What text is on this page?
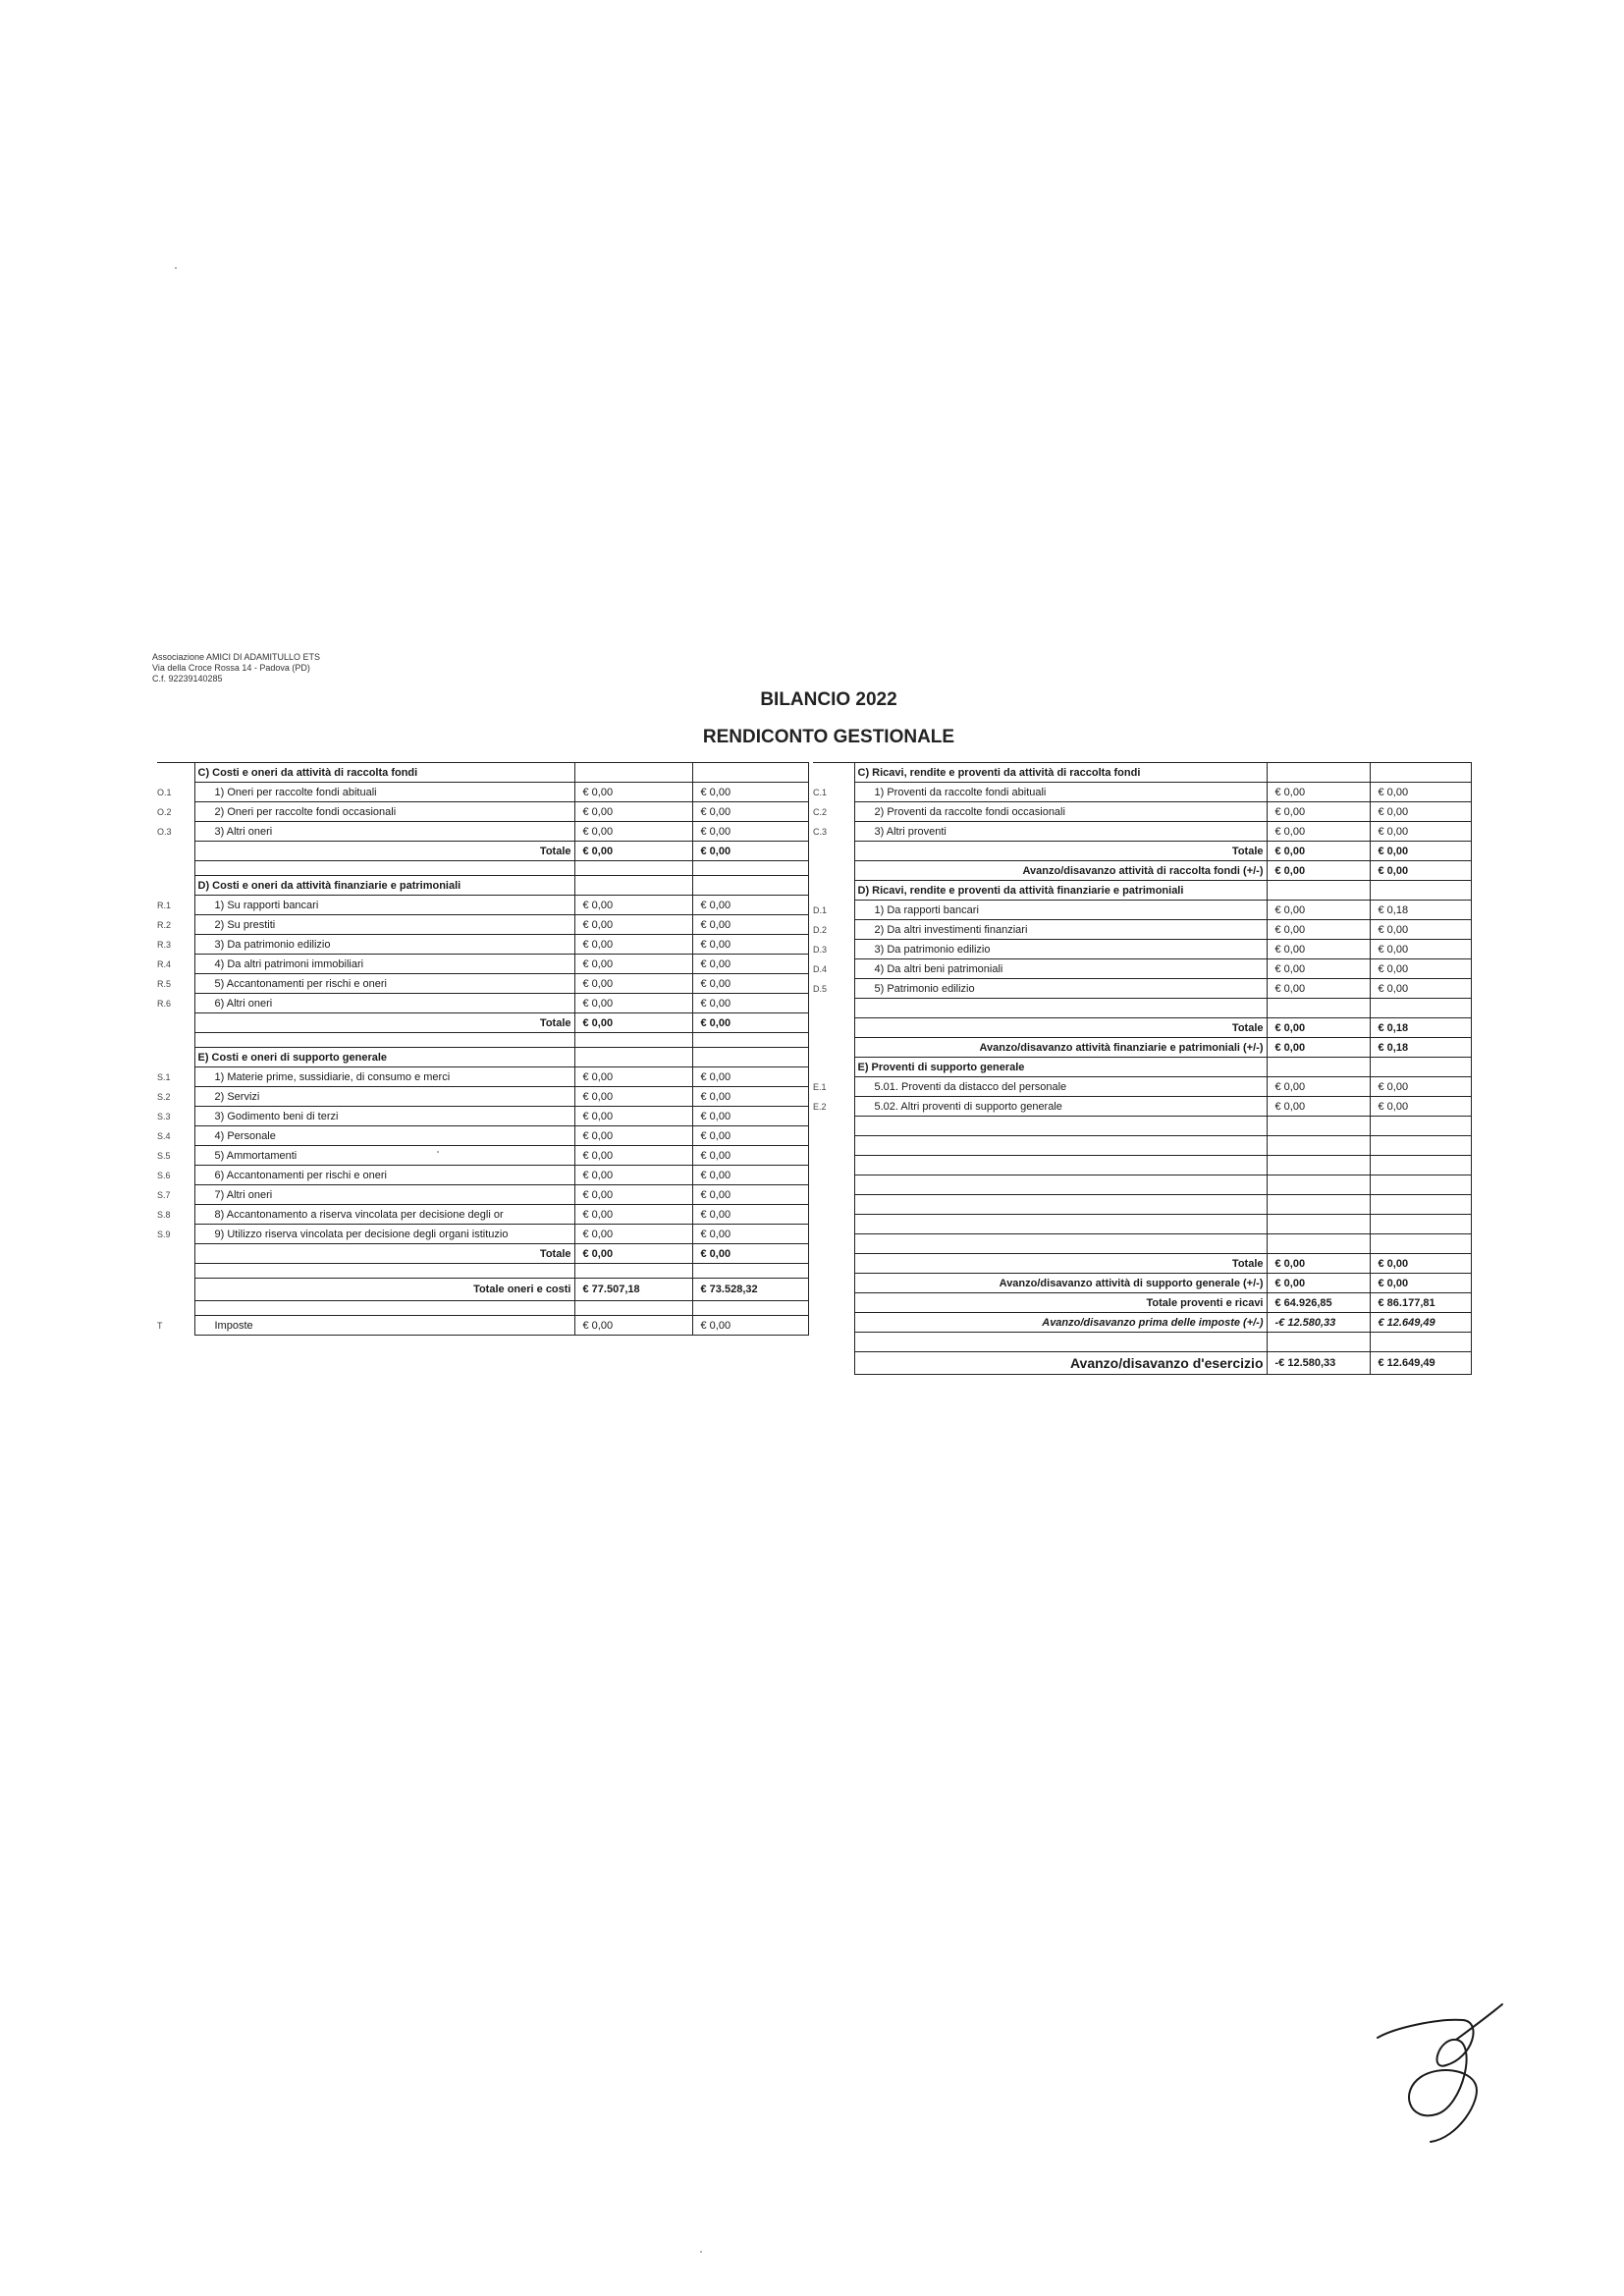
Associazione AMICI DI ADAMITULLO ETS
Via della Croce Rossa 14 - Padova (PD)
C.f. 92239140285
BILANCIO 2022
RENDICONTO GESTIONALE
	C) Costi e oneri da attività di raccolta fondi		
O.1	1) Oneri per raccolte fondi abituali	€ 0,00	€ 0,00
O.2	2) Oneri per raccolte fondi occasionali	€ 0,00	€ 0,00
O.3	3) Altri oneri	€ 0,00	€ 0,00
	Totale	€ 0,00	€ 0,00

	D) Costi e oneri da attività finanziarie e patrimoniali		
R.1	1) Su rapporti bancari	€ 0,00	€ 0,00
R.2	2) Su prestiti	€ 0,00	€ 0,00
R.3	3) Da patrimonio edilizio	€ 0,00	€ 0,00
R.4	4) Da altri patrimoni immobiliari	€ 0,00	€ 0,00
R.5	5) Accantonamenti per rischi e oneri	€ 0,00	€ 0,00
R.6	6) Altri oneri	€ 0,00	€ 0,00
	Totale	€ 0,00	€ 0,00

	E) Costi e oneri di supporto generale		
S.1	1) Materie prime, sussidiarie, di consumo e merci	€ 0,00	€ 0,00
S.2	2) Servizi	€ 0,00	€ 0,00
S.3	3) Godimento beni di terzi	€ 0,00	€ 0,00
S.4	4) Personale	€ 0,00	€ 0,00
S.5	5) Ammortamenti	€ 0,00	€ 0,00
S.6	6) Accantonamenti per rischi e oneri	€ 0,00	€ 0,00
S.7	7) Altri oneri	€ 0,00	€ 0,00
S.8	8) Accantonamento a riserva vincolata per decisione degli or	€ 0,00	€ 0,00
S.9	9) Utilizzo riserva vincolata per decisione degli organi istituzio	€ 0,00	€ 0,00
	Totale	€ 0,00	€ 0,00

	Totale oneri e costi	€ 77.507,18	€ 73.528,32

T	Imposte	€ 0,00	€ 0,00
	C) Ricavi, rendite e proventi da attività di raccolta fondi		
C.1	1) Proventi da raccolte fondi abituali	€ 0,00	€ 0,00
C.2	2) Proventi da raccolte fondi occasionali	€ 0,00	€ 0,00
C.3	3) Altri proventi	€ 0,00	€ 0,00
	Totale	€ 0,00	€ 0,00
	Avanzo/disavanzo attività di raccolta fondi (+/-)	€ 0,00	€ 0,00
	D) Ricavi, rendite e proventi da attività finanziarie e patrimoniali		
D.1	1) Da rapporti bancari	€ 0,00	€ 0,18
D.2	2) Da altri investimenti finanziari	€ 0,00	€ 0,00
D.3	3) Da patrimonio edilizio	€ 0,00	€ 0,00
D.4	4) Da altri beni patrimoniali	€ 0,00	€ 0,00
D.5	5) Patrimonio edilizio	€ 0,00	€ 0,00

	Totale	€ 0,00	€ 0,18
	Avanzo/disavanzo attività finanziarie e patrimoniali (+/-)	€ 0,00	€ 0,18
	E) Proventi di supporto generale		
E.1	5.01. Proventi da distacco del personale	€ 0,00	€ 0,00
E.2	5.02. Altri proventi di supporto generale	€ 0,00	€ 0,00

	Totale	€ 0,00	€ 0,00
	Avanzo/disavanzo attività di supporto generale (+/-)	€ 0,00	€ 0,00
	Totale proventi e ricavi	€ 64.926,85	€ 86.177,81
	Avanzo/disavanzo prima delle imposte (+/-)	-€ 12.580,33	€ 12.649,49

	Avanzo/disavanzo d'esercizio	-€ 12.580,33	€ 12.649,49
